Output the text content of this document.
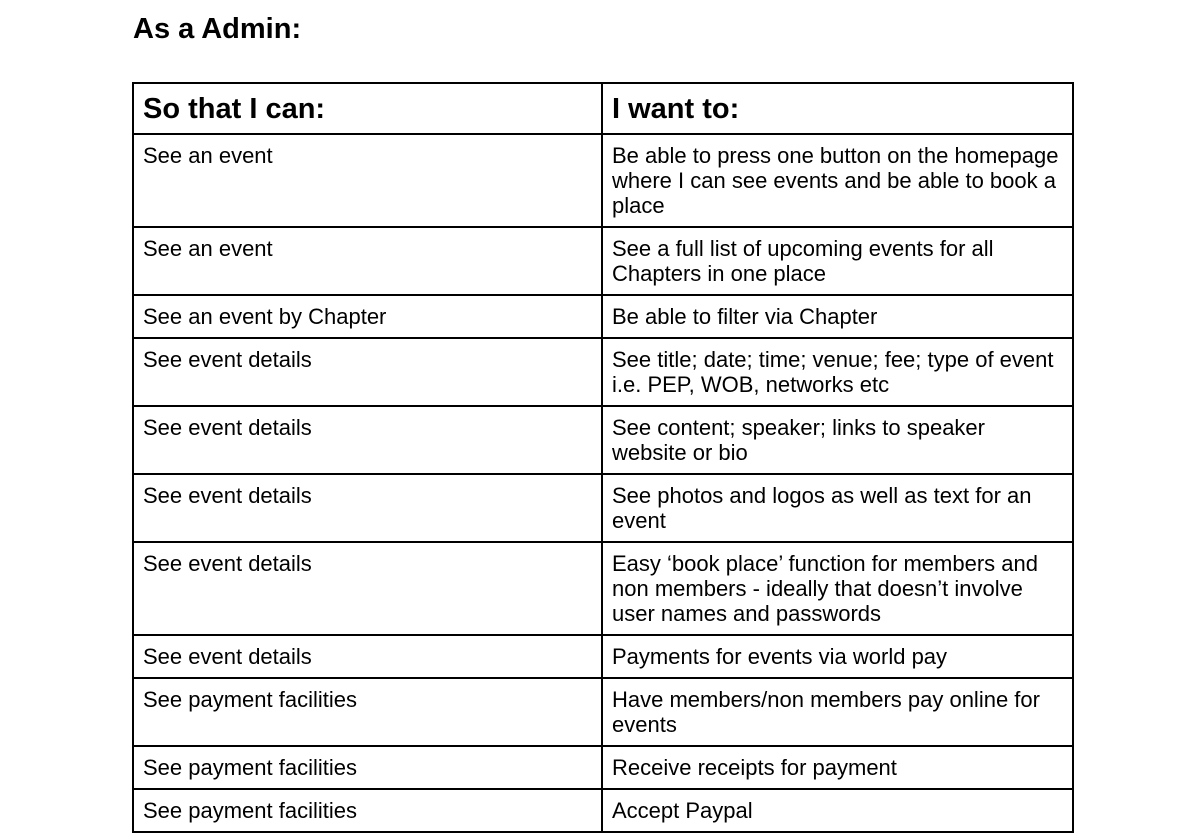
As a Admin:
So that I can:	I want to:
See an event	Be able to press one button on the homepage where I can see events and be able to book a place
See an event	See a full list of upcoming events for all Chapters in one place
See an event by Chapter	Be able to filter via Chapter
See event details	See title; date; time; venue; fee; type of event i.e. PEP, WOB, networks etc
See event details	See content; speaker; links to speaker website or bio
See event details	See photos and logos as well as text for an event
See event details	Easy ‘book place’ function for members and non members - ideally that doesn’t involve user names and passwords
See event details	Payments for events via world pay
See payment facilities	Have members/non members pay online for events
See payment facilities	Receive receipts for payment
See payment facilities	Accept Paypal
